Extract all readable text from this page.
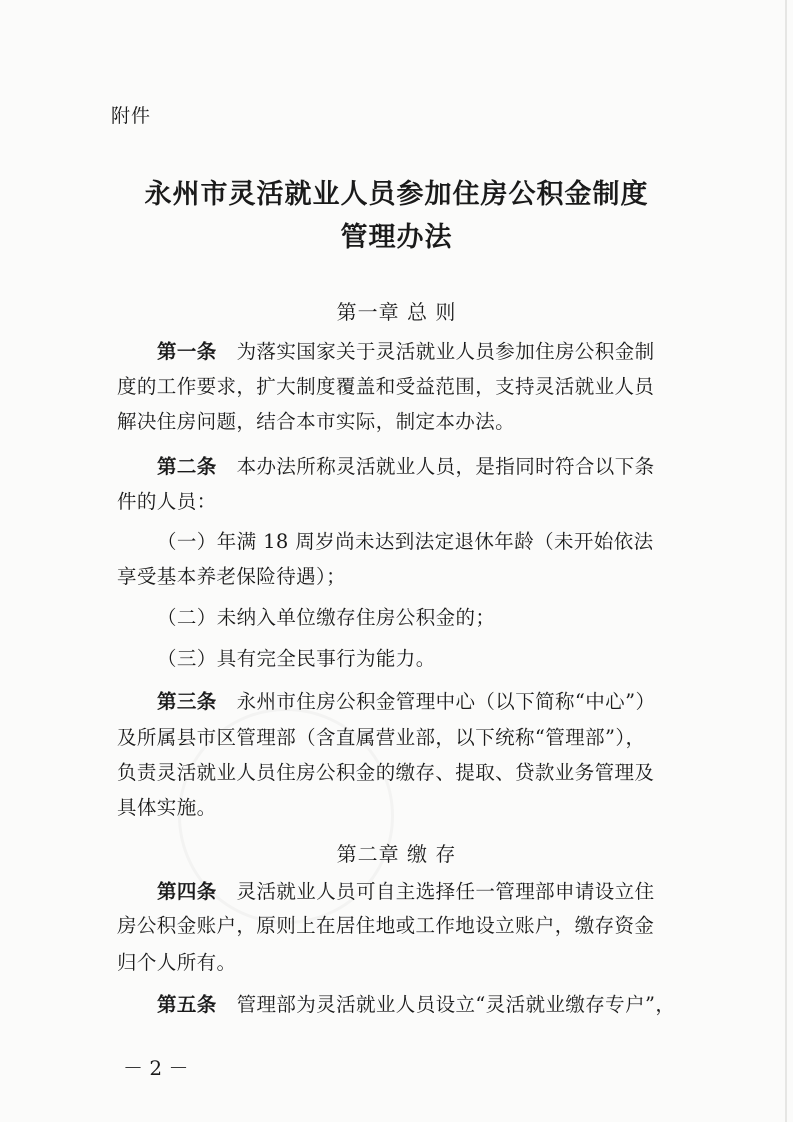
附件
永州市灵活就业人员参加住房公积金制度
管理办法
第一章 总 则
第一条　 为落实国家关于灵活就业人员参加住房公积金制
度的工作要求，扩大制度覆盖和受益范围，支持灵活就业人员
解决住房问题，结合本市实际，制定本办法。
第二条　 本办法所称灵活就业人员，是指同时符合以下条
件的人员：
（一）年满 18 周岁尚未达到法定退休年龄（未开始依法
享受基本养老保险待遇）；
（二）未纳入单位缴存住房公积金的；
（三）具有完全民事行为能力。
第三条　 永州市住房公积金管理中心（以下简称“中心”）
及所属县市区管理部（含直属营业部，以下统称“管理部”），
负责灵活就业人员住房公积金的缴存、提取、贷款业务管理及
具体实施。
第二章 缴 存
第四条　 灵活就业人员可自主选择任一管理部申请设立住
房公积金账户，原则上在居住地或工作地设立账户，缴存资金
归个人所有。
第五条　 管理部为灵活就业人员设立“灵活就业缴存专户”，
－ 2 －
